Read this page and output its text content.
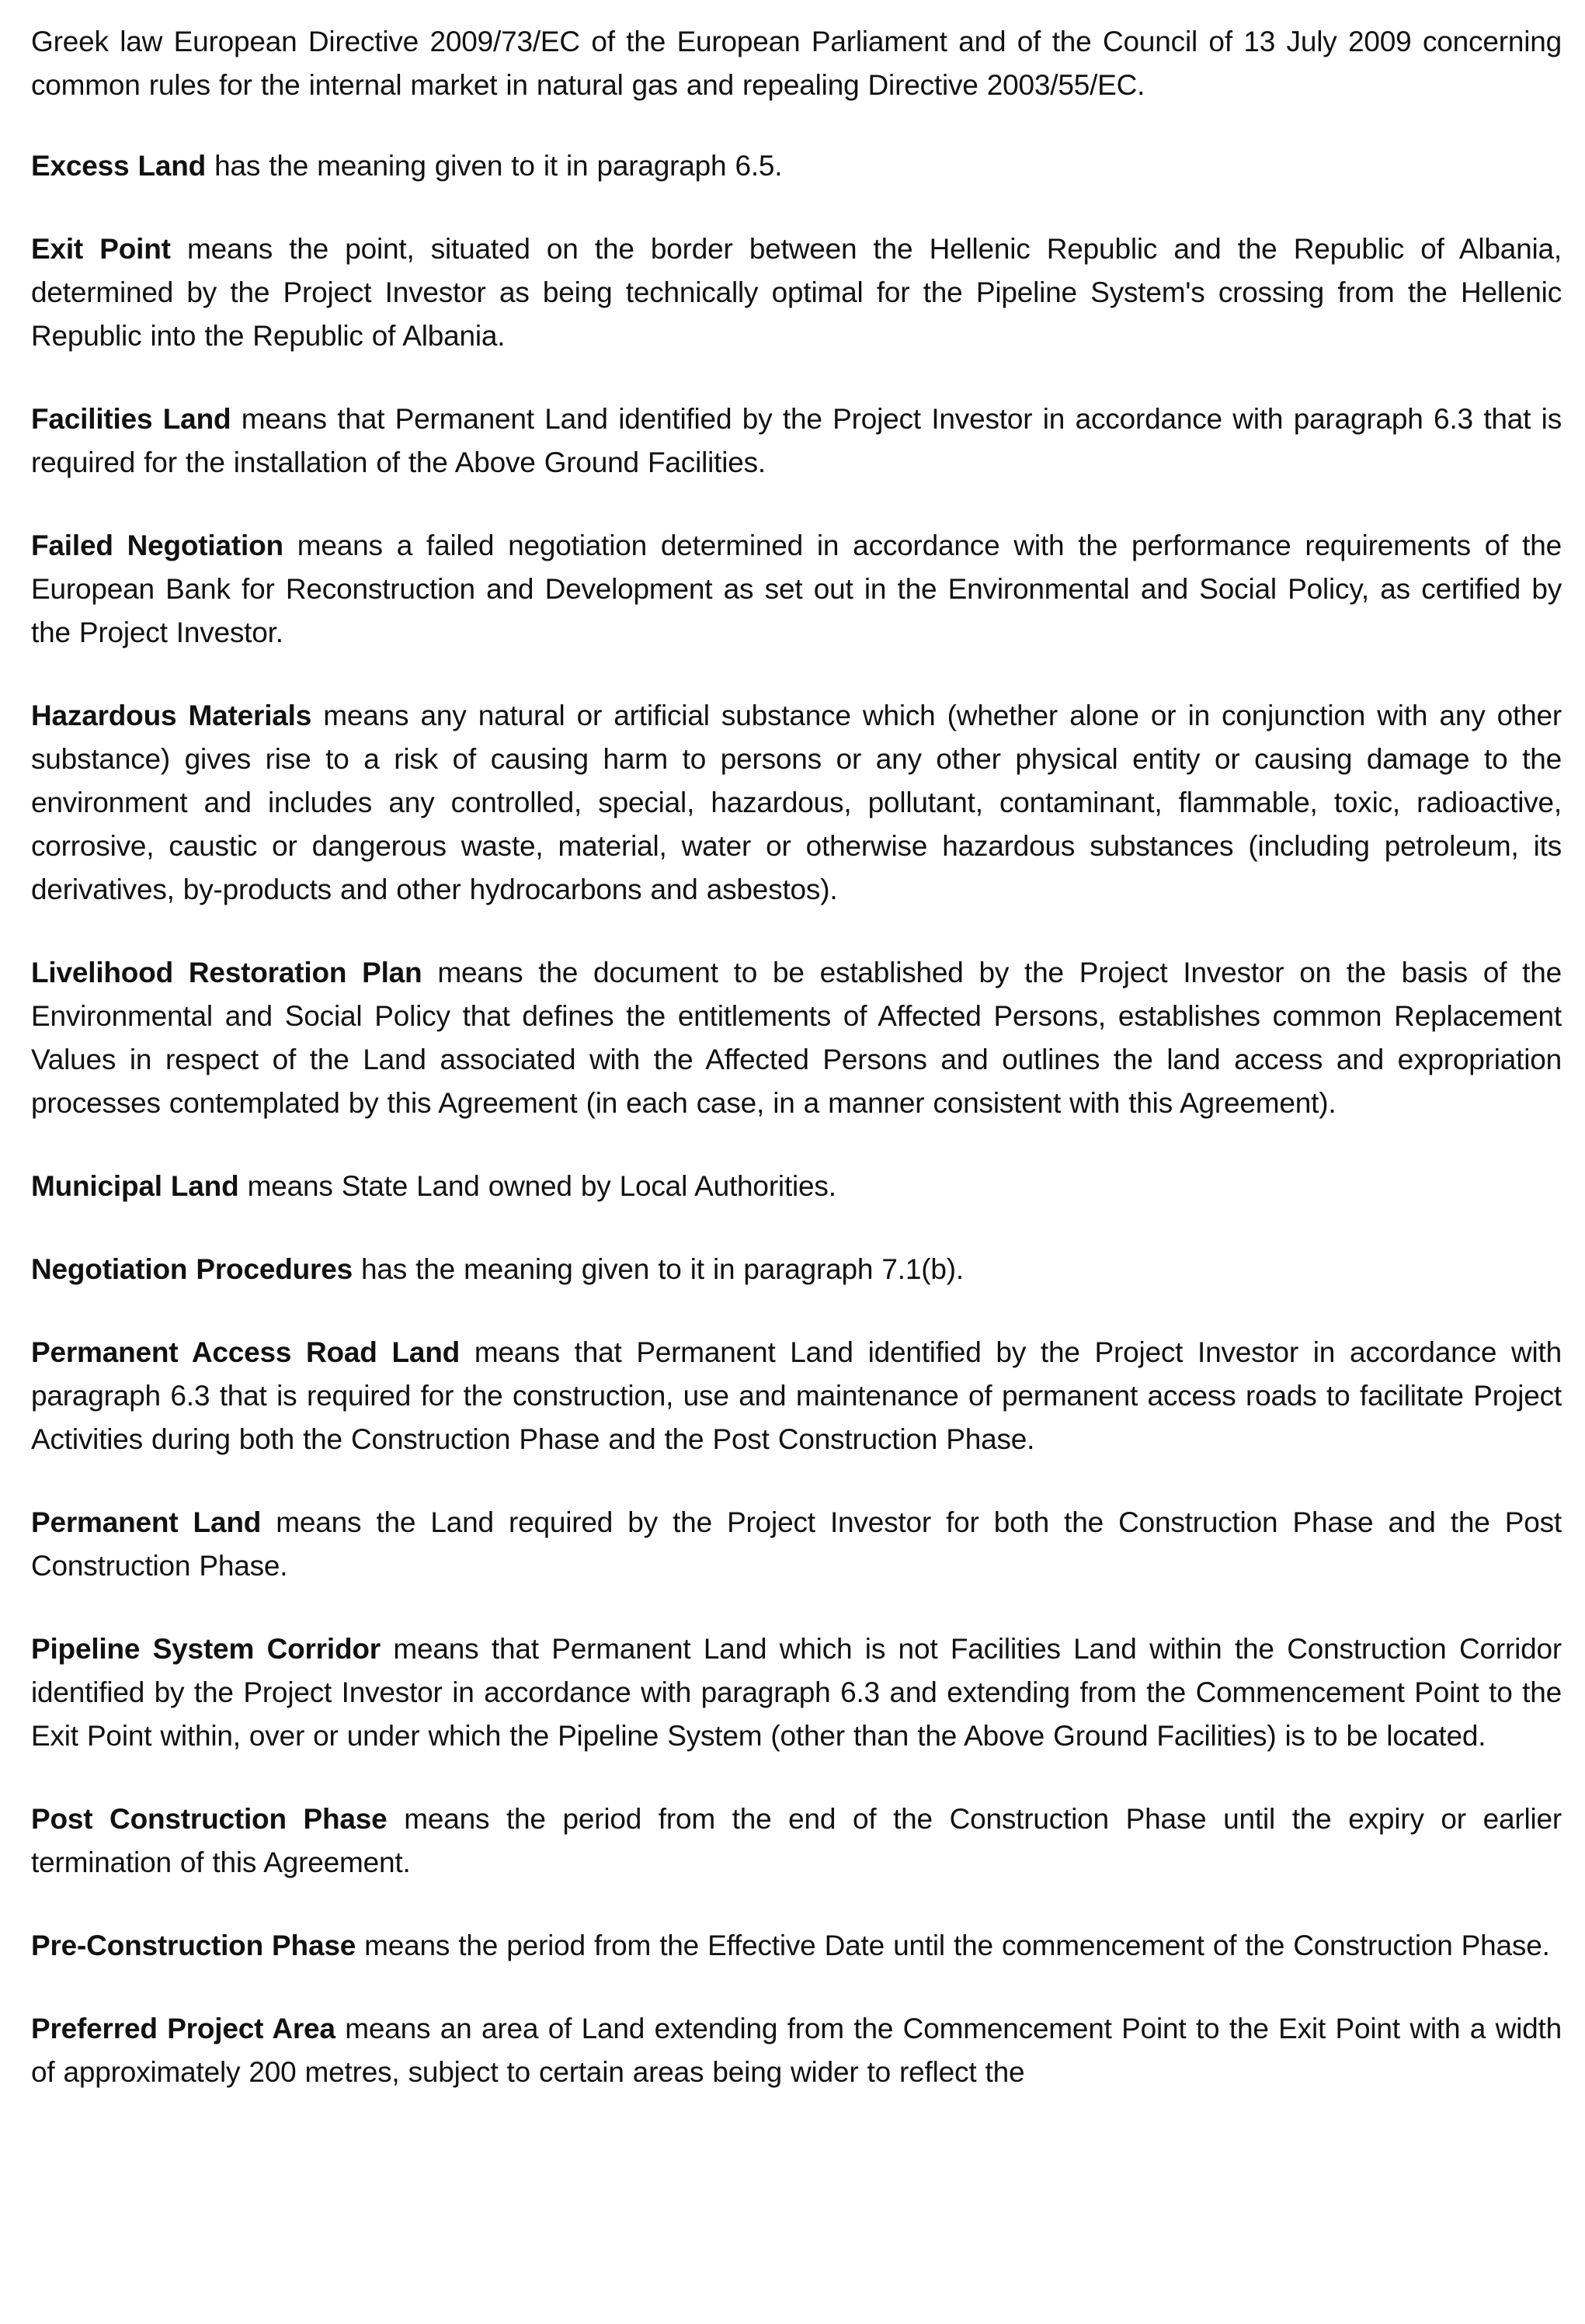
Greek law European Directive 2009/73/EC of the European Parliament and of the Council of 13 July 2009 concerning common rules for the internal market in natural gas and repealing Directive 2003/55/EC.

Excess Land has the meaning given to it in paragraph 6.5.

Exit Point means the point, situated on the border between the Hellenic Republic and the Republic of Albania, determined by the Project Investor as being technically optimal for the Pipeline System's crossing from the Hellenic Republic into the Republic of Albania.

Facilities Land means that Permanent Land identified by the Project Investor in accordance with paragraph 6.3 that is required for the installation of the Above Ground Facilities.

Failed Negotiation means a failed negotiation determined in accordance with the performance requirements of the European Bank for Reconstruction and Development as set out in the Environmental and Social Policy, as certified by the Project Investor.

Hazardous Materials means any natural or artificial substance which (whether alone or in conjunction with any other substance) gives rise to a risk of causing harm to persons or any other physical entity or causing damage to the environment and includes any controlled, special, hazardous, pollutant, contaminant, flammable, toxic, radioactive, corrosive, caustic or dangerous waste, material, water or otherwise hazardous substances (including petroleum, its derivatives, by-products and other hydrocarbons and asbestos).

Livelihood Restoration Plan means the document to be established by the Project Investor on the basis of the Environmental and Social Policy that defines the entitlements of Affected Persons, establishes common Replacement Values in respect of the Land associated with the Affected Persons and outlines the land access and expropriation processes contemplated by this Agreement (in each case, in a manner consistent with this Agreement).

Municipal Land means State Land owned by Local Authorities.

Negotiation Procedures has the meaning given to it in paragraph 7.1(b).

Permanent Access Road Land means that Permanent Land identified by the Project Investor in accordance with paragraph 6.3 that is required for the construction, use and maintenance of permanent access roads to facilitate Project Activities during both the Construction Phase and the Post Construction Phase.

Permanent Land means the Land required by the Project Investor for both the Construction Phase and the Post Construction Phase.

Pipeline System Corridor means that Permanent Land which is not Facilities Land within the Construction Corridor identified by the Project Investor in accordance with paragraph 6.3 and extending from the Commencement Point to the Exit Point within, over or under which the Pipeline System (other than the Above Ground Facilities) is to be located.

Post Construction Phase means the period from the end of the Construction Phase until the expiry or earlier termination of this Agreement.

Pre-Construction Phase means the period from the Effective Date until the commencement of the Construction Phase.

Preferred Project Area means an area of Land extending from the Commencement Point to the Exit Point with a width of approximately 200 metres, subject to certain areas being wider to reflect the
